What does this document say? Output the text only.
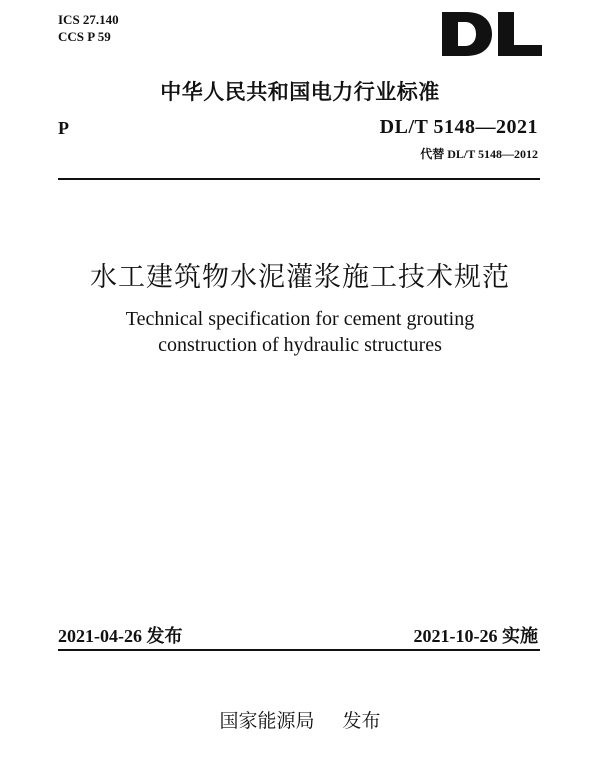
ICS 27.140
CCS P 59
中华人民共和国电力行业标准
P	DL/T 5148—2021
代替 DL/T 5148—2012
水工建筑物水泥灌浆施工技术规范
Technical specification for cement grouting
construction of hydraulic structures
2021-04-26 发布	2021-10-26 实施
国家能源局 发布
